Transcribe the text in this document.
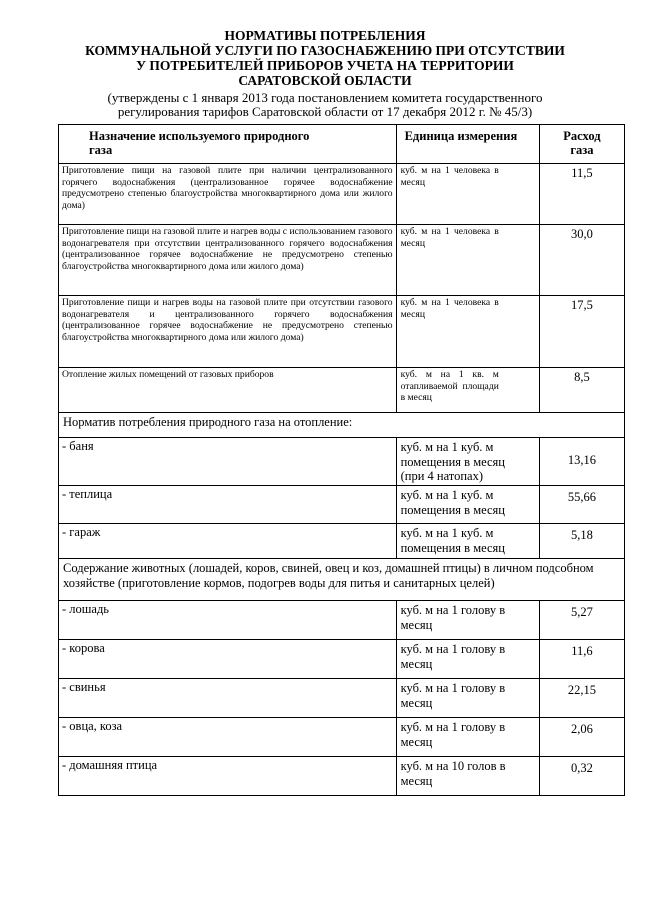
НОРМАТИВЫ ПОТРЕБЛЕНИЯ
КОММУНАЛЬНОЙ УСЛУГИ ПО ГАЗОСНАБЖЕНИЮ ПРИ ОТСУТСТВИИ
У ПОТРЕБИТЕЛЕЙ ПРИБОРОВ УЧЕТА НА ТЕРРИТОРИИ
САРАТОВСКОЙ ОБЛАСТИ
(утверждены с 1 января 2013 года постановлением комитета государственного
регулирования тарифов Саратовской области от 17 декабря 2012 г. № 45/3)
Назначение используемого природного газа	Единица измерения	Расход газа
Приготовление пищи на газовой плите при наличии централизованного горячего водоснабжения (централизованное горячее водоснабжение предусмотрено степенью благоустройства многоквартирного дома или жилого дома)	куб. м на 1 человека в месяц	11,5
Приготовление пищи на газовой плите и нагрев воды с использованием газового водонагревателя при отсутствии централизованного горячего водоснабжения (централизованное горячее водоснабжение не предусмотрено степенью благоустройства многоквартирного дома или жилого дома)	куб. м на 1 человека в месяц	30,0
Приготовление пищи и нагрев воды на газовой плите при отсутствии газового водонагревателя и централизованного горячего водоснабжения (централизованное горячее водоснабжение не предусмотрено степенью благоустройства многоквартирного дома или жилого дома)	куб. м на 1 человека в месяц	17,5
Отопление жилых помещений от газовых приборов	куб. м на 1 кв. м отапливаемой площади в месяц	8,5
Норматив потребления природного газа на отопление:		
- баня	куб. м на 1 куб. м помещения в месяц (при 4 натопах)	13,16
- теплица	куб. м на 1 куб. м помещения в месяц	55,66
- гараж	куб. м на 1 куб. м помещения в месяц	5,18
Содержание животных (лошадей, коров, свиней, овец и коз, домашней птицы) в личном подсобном хозяйстве (приготовление кормов, подогрев воды для питья и санитарных целей)		
- лошадь	куб. м на 1 голову в месяц	5,27
- корова	куб. м на 1 голову в месяц	11,6
- свинья	куб. м на 1 голову в месяц	22,15
- овца, коза	куб. м на 1 голову в месяц	2,06
- домашняя птица	куб. м на 10 голов в месяц	0,32
